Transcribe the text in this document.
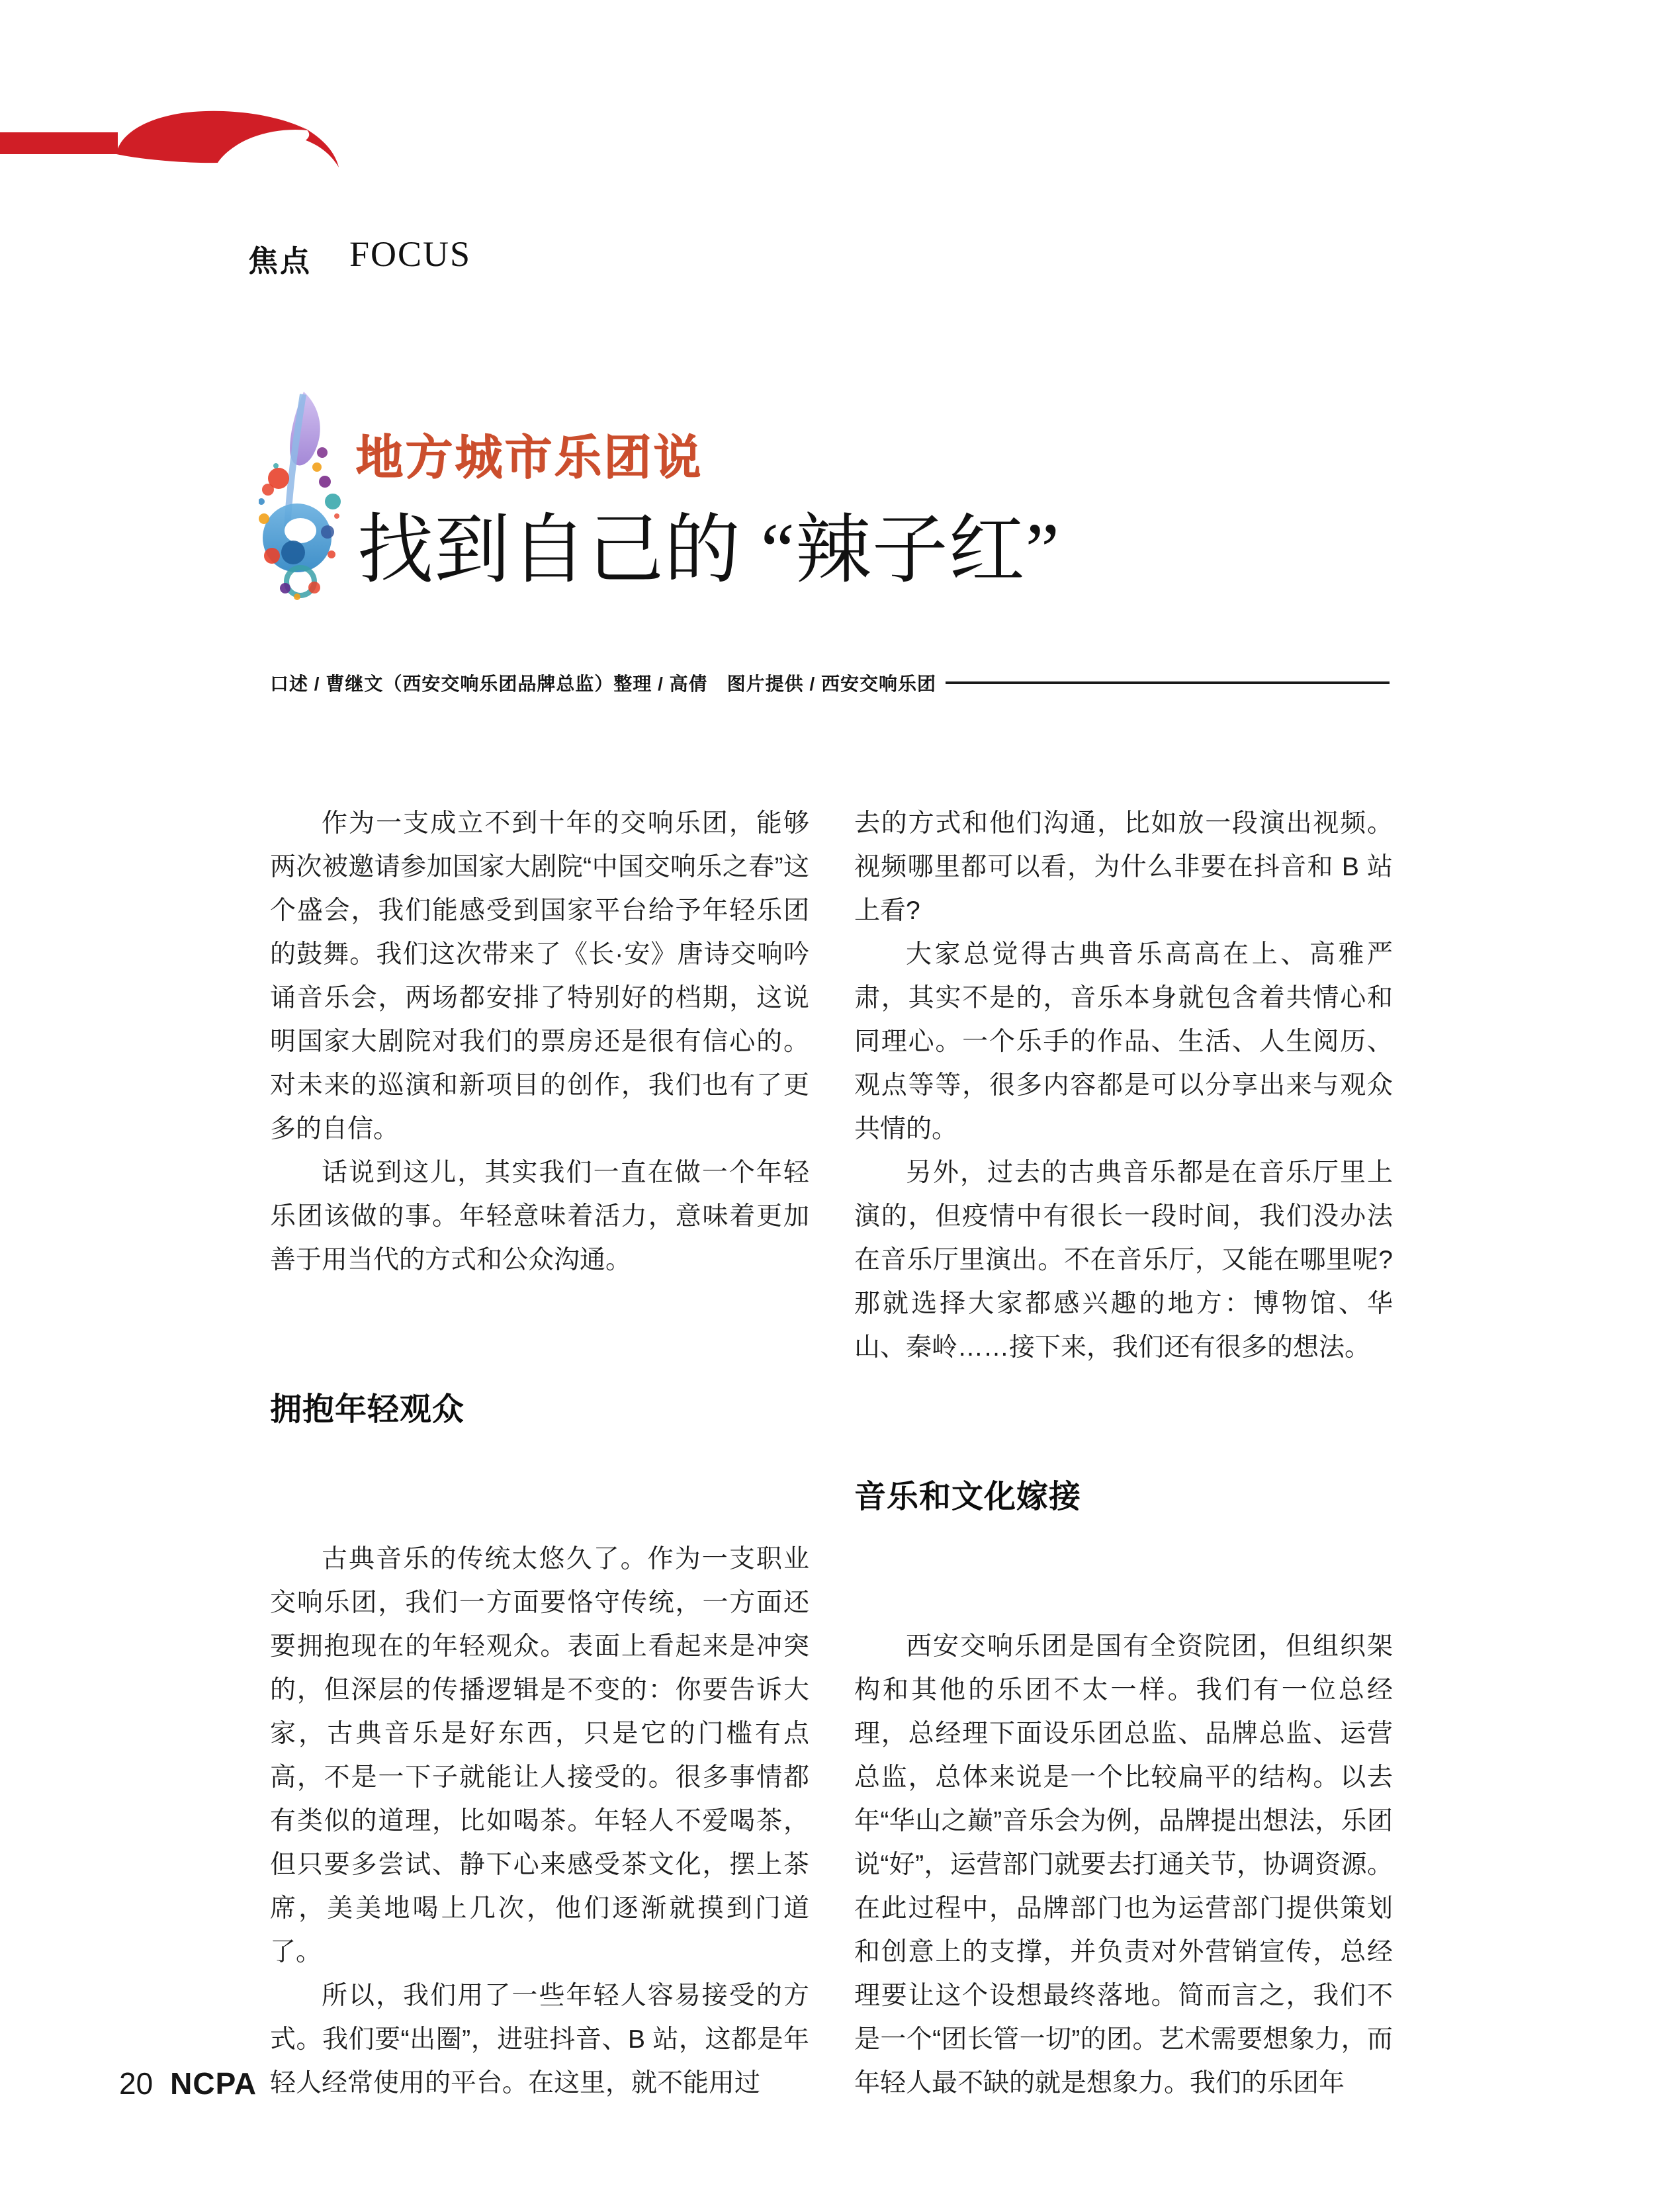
焦点 FOCUS
地方城市乐团说
找到自己的 “辣子红”
口述 / 曹继文（西安交响乐团品牌总监）整理 / 高倩　图片提供 / 西安交响乐团

作为一支成立不到十年的交响乐团，能够两次被邀请参加国家大剧院“中国交响乐之春”这个盛会，我们能感受到国家平台给予年轻乐团的鼓舞。我们这次带来了《长·安》唐诗交响吟诵音乐会，两场都安排了特别好的档期，这说明国家大剧院对我们的票房还是很有信心的。对未来的巡演和新项目的创作，我们也有了更多的自信。

话说到这儿，其实我们一直在做一个年轻乐团该做的事。年轻意味着活力，意味着更加善于用当代的方式和公众沟通。

拥抱年轻观众

古典音乐的传统太悠久了。作为一支职业交响乐团，我们一方面要恪守传统，一方面还要拥抱现在的年轻观众。表面上看起来是冲突的，但深层的传播逻辑是不变的：你要告诉大家，古典音乐是好东西，只是它的门槛有点高，不是一下子就能让人接受的。很多事情都有类似的道理，比如喝茶。年轻人不爱喝茶，但只要多尝试、静下心来感受茶文化，摆上茶席，美美地喝上几次，他们逐渐就摸到门道了。

所以，我们用了一些年轻人容易接受的方式。我们要“出圈”，进驻抖音、B 站，这都是年轻人经常使用的平台。在这里，就不能用过

去的方式和他们沟通，比如放一段演出视频。视频哪里都可以看，为什么非要在抖音和 B 站上看?

大家总觉得古典音乐高高在上、高雅严肃，其实不是的，音乐本身就包含着共情心和同理心。一个乐手的作品、生活、人生阅历、观点等等，很多内容都是可以分享出来与观众共情的。

另外，过去的古典音乐都是在音乐厅里上演的，但疫情中有很长一段时间，我们没办法在音乐厅里演出。不在音乐厅，又能在哪里呢?那就选择大家都感兴趣的地方：博物馆、华山、秦岭……接下来，我们还有很多的想法。

音乐和文化嫁接

西安交响乐团是国有全资院团，但组织架构和其他的乐团不太一样。我们有一位总经理，总经理下面设乐团总监、品牌总监、运营总监，总体来说是一个比较扁平的结构。以去年“华山之巅”音乐会为例，品牌提出想法，乐团说“好”，运营部门就要去打通关节，协调资源。在此过程中，品牌部门也为运营部门提供策划和创意上的支撑，并负责对外营销宣传，总经理要让这个设想最终落地。简而言之，我们不是一个“团长管一切”的团。艺术需要想象力，而年轻人最不缺的就是想象力。我们的乐团年

20 NCPA
